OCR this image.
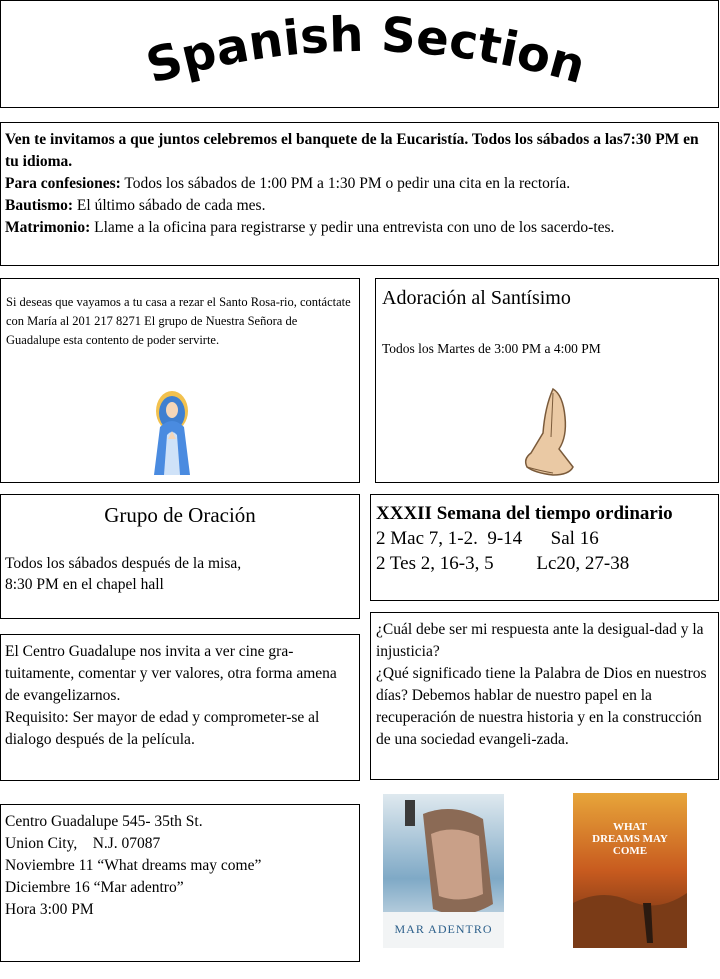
Spanish Section

Ven te invitamos a que juntos celebremos el banquete de la Eucaristía. Todos los sábados a las7:30 PM en tu idioma.

Para confesiones: Todos los sábados de 1:00 PM a 1:30 PM o pedir una cita en la rectoría.

Bautismo: El último sábado de cada mes.

Matrimonio: Llame a la oficina para registrarse y pedir una entrevista con uno de los sacerdo-tes.

Si deseas que vayamos a tu casa a rezar el Santo Rosa-rio, contáctate con María al 201 217 8271 El grupo de Nuestra Señora de Guadalupe esta contento de poder servirte.
Adoración al Santísimo
Todos los Martes de 3:00 PM a 4:00 PM
Grupo de Oración
Todos los sábados después de la misa,
8:30 PM en el chapel hall
XXXII Semana del tiempo ordinario
2 Mac 7, 1-2.  9-14      Sal 16
2 Tes 2, 16-3, 5         Lc20, 27-38
¿Cuál debe ser mi respuesta ante la desigual-dad y la injusticia?
¿Qué significado tiene la Palabra de Dios en nuestros días? Debemos hablar de nuestro papel en la recuperación de nuestra historia y en la construcción de una sociedad evangeli-zada.
El Centro Guadalupe nos invita a ver cine gra-tuitamente, comentar y ver valores, otra forma amena de evangelizarnos.
Requisito: Ser mayor de edad y comprometer-se al dialogo después de la película.
Centro Guadalupe 545- 35th St.
Union City,    N.J. 07087
Noviembre 11 “What dreams may come”
Diciembre 16 “Mar adentro”
Hora 3:00 PM
MAR ADENTRO
WHAT
DREAMS MAY
COME
